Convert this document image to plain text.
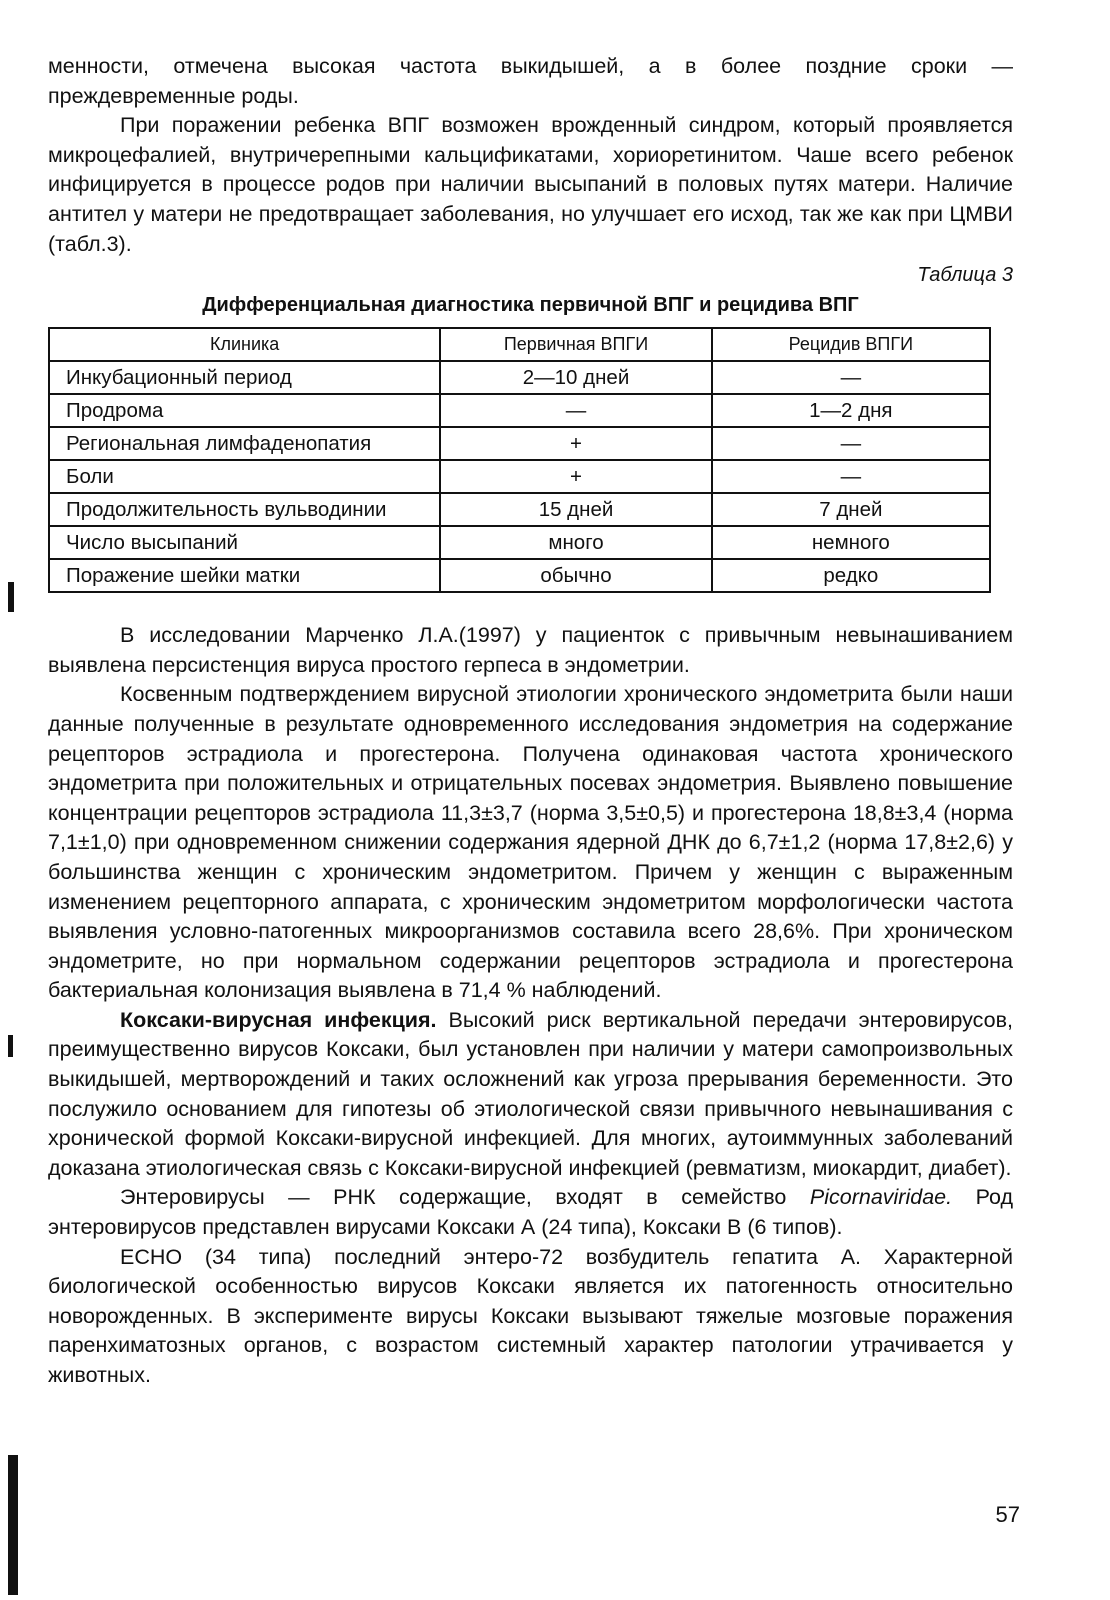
менности, отмечена высокая частота выкидышей, а в более поздние сроки — преждевременные роды.

При поражении ребенка ВПГ возможен врожденный синдром, который проявляется микроцефалией, внутричерепными кальцификатами, хориоретинитом. Чаше всего ребенок инфицируется в процессе родов при наличии высыпаний в половых путях матери. Наличие антител у матери не предотвращает заболевания, но улучшает его исход, так же как при ЦМВИ (табл.3).

Таблица 3
Дифференциальная диагностика первичной ВПГ и рецидива ВПГ
Клиника	Первичная ВПГИ	Рецидив ВПГИ
Инкубационный период	2—10 дней	—
Продрома	—	1—2 дня
Региональная лимфаденопатия	+	—
Боли	+	—
Продолжительность вульводинии	15 дней	7 дней
Число высыпаний	много	немного
Поражение шейки матки	обычно	редко

В исследовании Марченко Л.А.(1997) у пациенток с привычным невынашиванием выявлена персистенция вируса простого герпеса в эндометрии.

Косвенным подтверждением вирусной этиологии хронического эндометрита были наши данные полученные в результате одновременного исследования эндометрия на содержание рецепторов эстрадиола и прогестерона. Получена одинаковая частота хронического эндометрита при положительных и отрицательных посевах эндометрия. Выявлено повышение концентрации рецепторов эстрадиола 11,3±3,7 (норма 3,5±0,5) и прогестерона 18,8±3,4 (норма 7,1±1,0) при одновременном снижении содержания ядерной ДНК до 6,7±1,2 (норма 17,8±2,6) у большинства женщин с хроническим эндометритом. Причем у женщин с выраженным изменением рецепторного аппарата, с хроническим эндометритом морфологически частота выявления условно-патогенных микроорганизмов составила всего 28,6%. При хроническом эндометрите, но при нормальном содержании рецепторов эстрадиола и прогестерона бактериальная колонизация выявлена в 71,4 % наблюдений.

Коксаки-вирусная инфекция. Высокий риск вертикальной передачи энтеровирусов, преимущественно вирусов Коксаки, был установлен при наличии у матери самопроизвольных выкидышей, мертворождений и таких осложнений как угроза прерывания беременности. Это послужило основанием для гипотезы об этиологической связи привычного невынашивания с хронической формой Коксаки-вирусной инфекцией. Для многих, аутоиммунных заболеваний доказана этиологическая связь с Коксаки-вирусной инфекцией (ревматизм, миокардит, диабет).

Энтеровирусы — РНК содержащие, входят в семейство Picornaviridae. Род энтеровирусов представлен вирусами Коксаки А (24 типа), Коксаки В (6 типов).

ЕСНО (34 типа) последний энтеро-72 возбудитель гепатита А. Характерной биологической особенностью вирусов Коксаки является их патогенность относительно новорожденных. В эксперименте вирусы Коксаки вызывают тяжелые мозговые поражения паренхиматозных органов, с возрастом системный характер патологии утрачивается у животных.

57
